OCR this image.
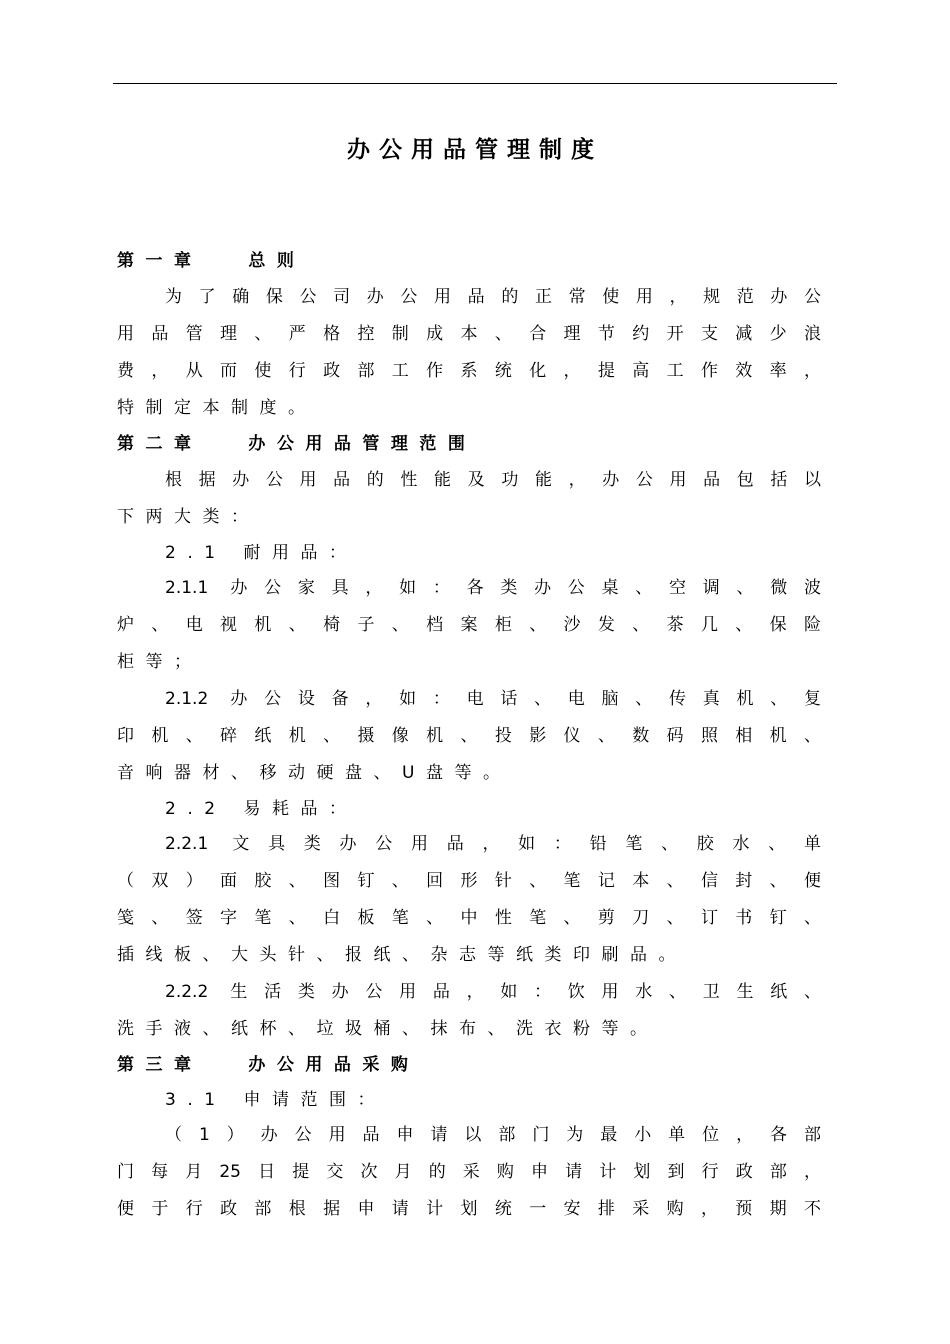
办公用品管理制度
第一章　 总则
为了确保公司办公用品的正常使用，规范办公
用品管理、严格控制成本、合理节约开支减少浪
费，从而使行政部工作系统化，提高工作效率，
特制定本制度。
第二章　 办公用品管理范围
根据办公用品的性能及功能，办公用品包括以
下两大类：
2.1 耐用品：
2.1.1 办公家具，如：各类办公桌、空调、微波
炉、电视机、椅子、档案柜、沙发、茶几、保险
柜等；
2.1.2 办公设备，如：电话、电脑、传真机、复
印机、碎纸机、摄像机、投影仪、数码照相机、
音响器材、移动硬盘、U盘等。
2.2 易耗品：
2.2.1 文具类办公用品，如：铅笔、胶水、单
（双）面胶、图钉、回形针、笔记本、信封、便
笺、签字笔、白板笔、中性笔、剪刀、订书钉、
插线板、大头针、报纸、杂志等纸类印刷品。
2.2.2 生活类办公用品，如：饮用水、卫生纸、
洗手液、纸杯、垃圾桶、抹布、洗衣粉等。
第三章　 办公用品采购
3.1 申请范围：
（1）办公用品申请以部门为最小单位，各部
门每月25日提交次月的采购申请计划到行政部，
便于行政部根据申请计划统一安排采购，预期不
